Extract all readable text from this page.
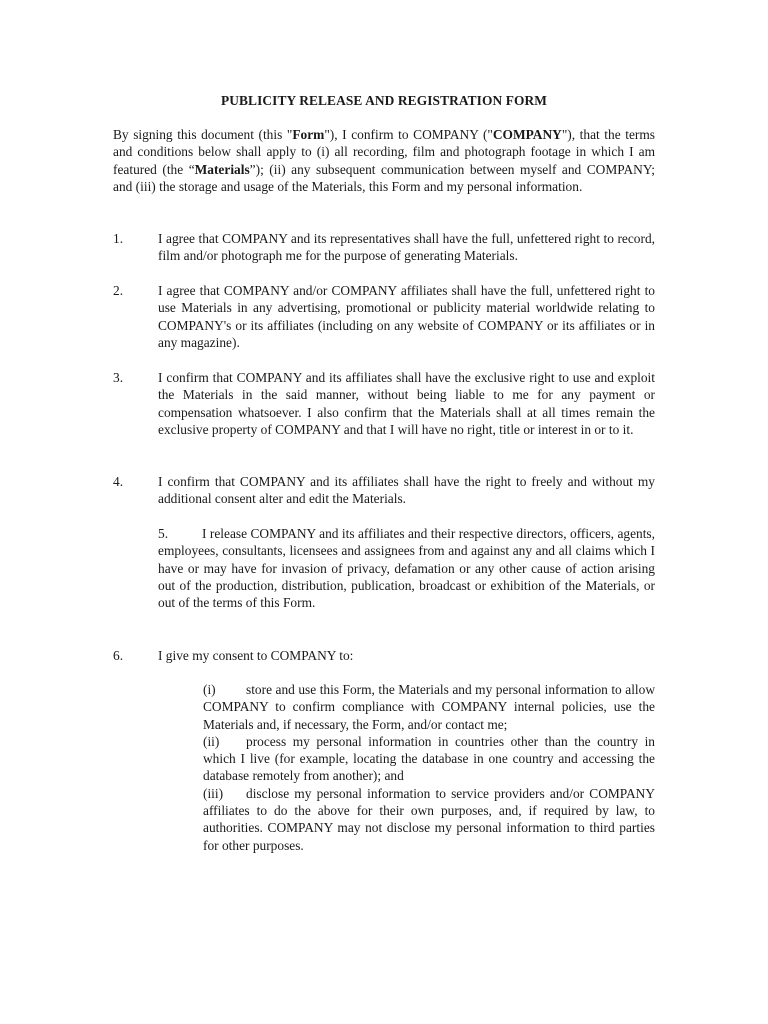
PUBLICITY RELEASE AND REGISTRATION FORM
By signing this document (this "Form"), I confirm to COMPANY ("COMPANY"), that the terms and conditions below shall apply to (i) all recording, film and photograph footage in which I am featured (the “Materials”); (ii) any subsequent communication between myself and COMPANY; and (iii) the storage and usage of the Materials, this Form and my personal information.
1.	I agree that COMPANY and its representatives shall have the full, unfettered right to record, film and/or photograph me for the purpose of generating Materials.
2.	I agree that COMPANY and/or COMPANY affiliates shall have the full, unfettered right to use Materials in any advertising, promotional or publicity material worldwide relating to COMPANY's or its affiliates (including on any website of COMPANY or its affiliates or in any magazine).
3.	I confirm that COMPANY and its affiliates shall have the exclusive right to use and exploit the Materials in the said manner, without being liable to me for any payment or compensation whatsoever. I also confirm that the Materials shall at all times remain the exclusive property of COMPANY and that I will have no right, title or interest in or to it.
4.	I confirm that COMPANY and its affiliates shall have the right to freely and without my additional consent alter and edit the Materials.
5.	I release COMPANY and its affiliates and their respective directors, officers, agents, employees, consultants, licensees and assignees from and against any and all claims which I have or may have for invasion of privacy, defamation or any other cause of action arising out of the production, distribution, publication, broadcast or exhibition of the Materials, or out of the terms of this Form.
6.	I give my consent to COMPANY to:
(i) store and use this Form, the Materials and my personal information to allow COMPANY to confirm compliance with COMPANY internal policies, use the Materials and, if necessary, the Form, and/or contact me;
(ii) process my personal information in countries other than the country in which I live (for example, locating the database in one country and accessing the database remotely from another); and
(iii) disclose my personal information to service providers and/or COMPANY affiliates to do the above for their own purposes, and, if required by law, to authorities. COMPANY may not disclose my personal information to third parties for other purposes.
